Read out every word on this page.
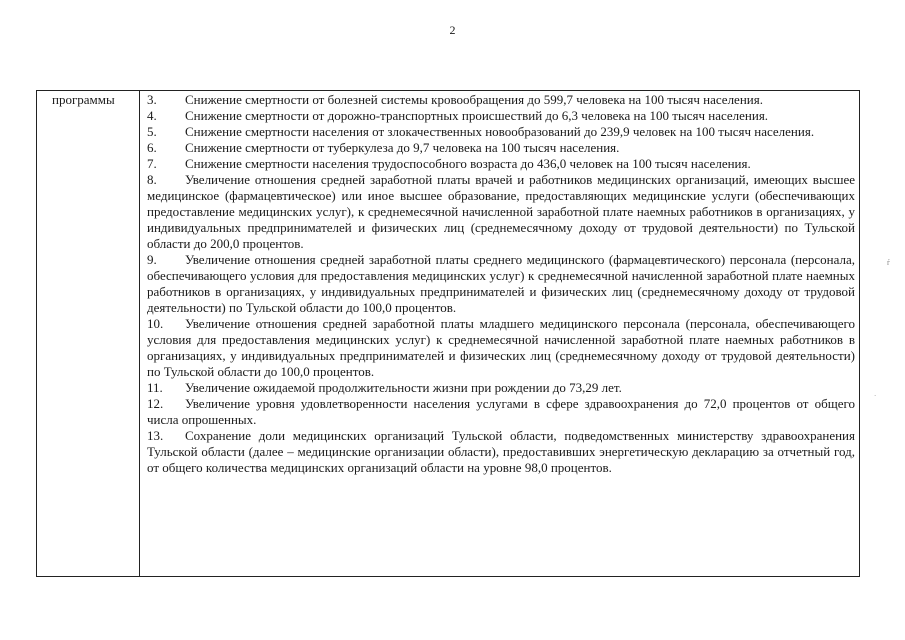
2
программы 3. Снижение смертности от болезней системы кровообращения до 599,7 человека на 100 тысяч населения.

4. Снижение смертности от дорожно-транспортных происшествий до 6,3 человека на 100 тысяч населения.

5. Снижение смертности населения от злокачественных новообразований до 239,9 человек на 100 тысяч населения.

6. Снижение смертности от туберкулеза до 9,7 человека на 100 тысяч населения.

7. Снижение смертности населения трудоспособного возраста до 436,0 человек на 100 тысяч населения.

8. Увеличение отношения средней заработной платы врачей и работников медицинских организаций, имеющих высшее медицинское (фармацевтическое) или иное высшее образование, предоставляющих медицинские услуги (обеспечивающих предоставление медицинских услуг), к среднемесячной начисленной заработной плате наемных работников в организациях, у индивидуальных предпринимателей и физических лиц (среднемесячному доходу от трудовой деятельности) по Тульской области до 200,0 процентов.

9. Увеличение отношения средней заработной платы среднего медицинского (фармацевтического) персонала (персонала, обеспечивающего условия для предоставления медицинских услуг) к среднемесячной начисленной заработной плате наемных работников в организациях, у индивидуальных предпринимателей и физических лиц (среднемесячному доходу от трудовой деятельности) по Тульской области до 100,0 процентов.

10. Увеличение отношения средней заработной платы младшего медицинского персонала (персонала, обеспечивающего условия для предоставления медицинских услуг) к среднемесячной начисленной заработной плате наемных работников в организациях, у индивидуальных предпринимателей и физических лиц (среднемесячному доходу от трудовой деятельности) по Тульской области до 100,0 процентов.

11. Увеличение ожидаемой продолжительности жизни при рождении до 73,29 лет.

12. Увеличение уровня удовлетворенности населения услугами в сфере здравоохранения до 72,0 процентов от общего числа опрошенных.

13. Сохранение доли медицинских организаций Тульской области, подведомственных министерству здравоохранения Тульской области (далее – медицинские организации области), предоставивших энергетическую декларацию за отчетный год, от общего количества медицинских организаций области на уровне 98,0 процентов.

ŕ
ˑ
